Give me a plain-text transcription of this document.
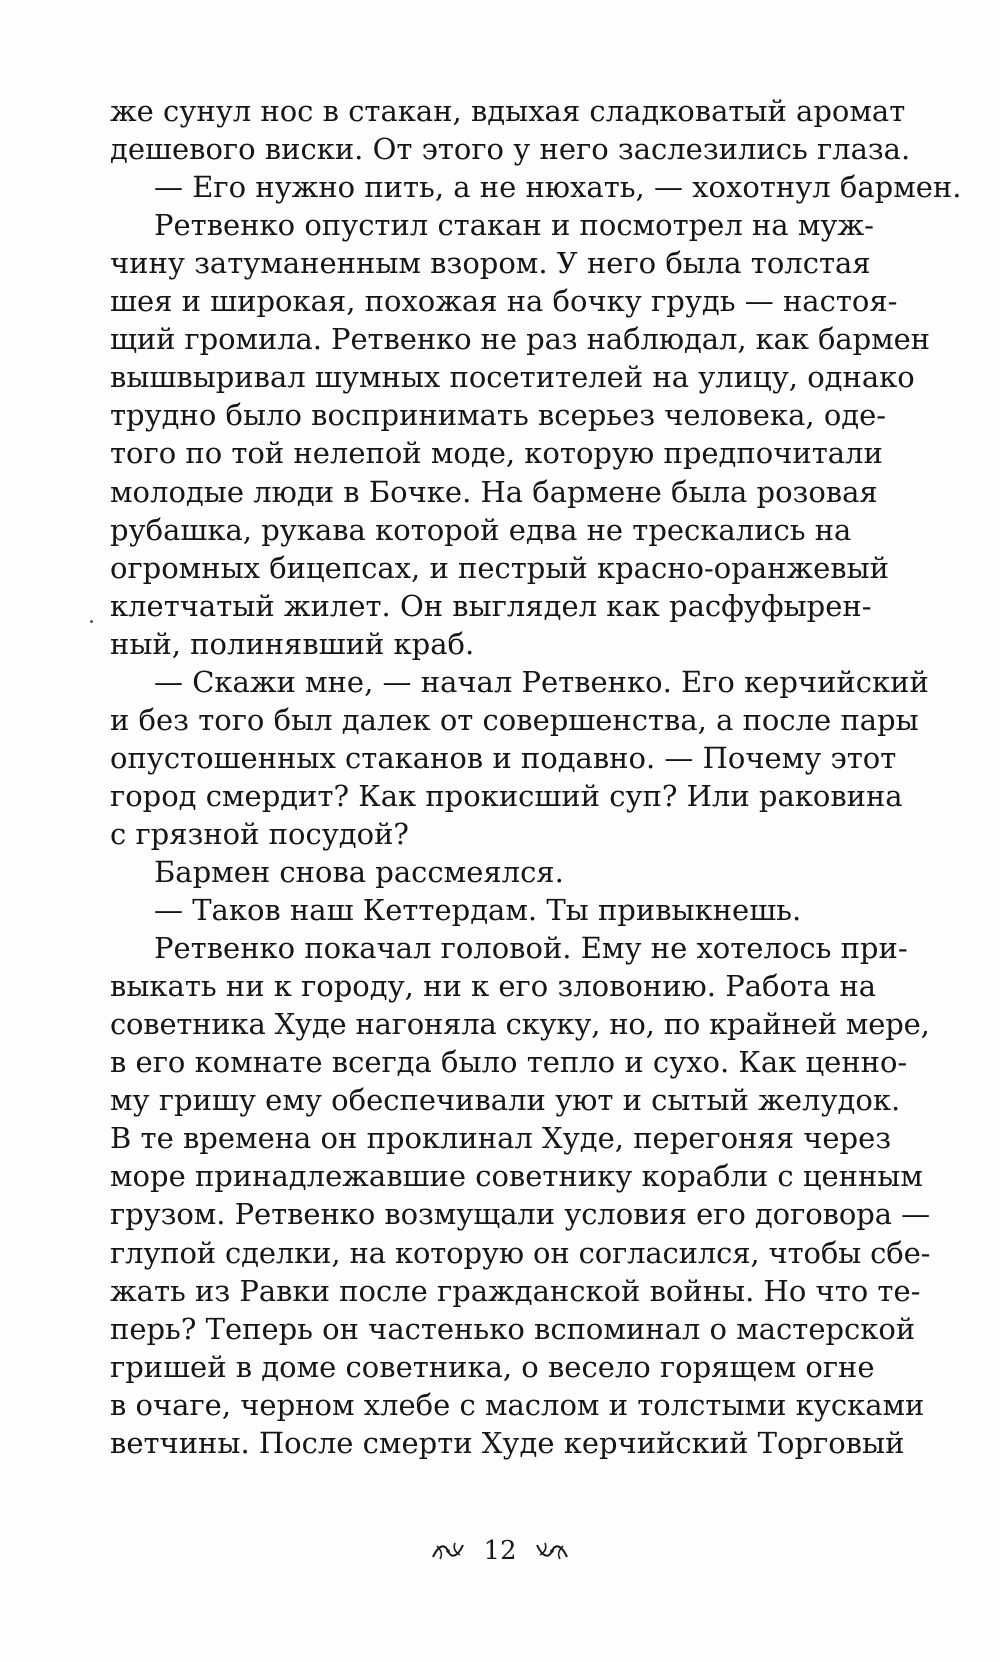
же сунул нос в стакан, вдыхая сладковатый аромат
дешевого виски. От этого у него заслезились глаза.
— Его нужно пить, а не нюхать, — хохотнул бармен.
Ретвенко опустил стакан и посмотрел на муж-
чину затуманенным взором. У него была толстая
шея и широкая, похожая на бочку грудь — настоя-
щий громила. Ретвенко не раз наблюдал, как бармен
вышвыривал шумных посетителей на улицу, однако
трудно было воспринимать всерьез человека, оде-
того по той нелепой моде, которую предпочитали
молодые люди в Бочке. На бармене была розовая
рубашка, рукава которой едва не трескались на
огромных бицепсах, и пестрый красно-оранжевый
клетчатый жилет. Он выглядел как расфуфырен-
ный, полинявший краб.
— Скажи мне, — начал Ретвенко. Его керчийский
и без того был далек от совершенства, а после пары
опустошенных стаканов и подавно. — Почему этот
город смердит? Как прокисший суп? Или раковина
с грязной посудой?
Бармен снова рассмеялся.
— Таков наш Кеттердам. Ты привыкнешь.
Ретвенко покачал головой. Ему не хотелось при-
выкать ни к городу, ни к его зловонию. Работа на
советника Худе нагоняла скуку, но, по крайней мере,
в его комнате всегда было тепло и сухо. Как ценно-
му гришу ему обеспечивали уют и сытый желудок.
В те времена он проклинал Худе, перегоняя через
море принадлежавшие советнику корабли с ценным
грузом. Ретвенко возмущали условия его договора —
глупой сделки, на которую он согласился, чтобы сбе-
жать из Равки после гражданской войны. Но что те-
перь? Теперь он частенько вспоминал о мастерской
гришей в доме советника, о весело горящем огне
в очаге, черном хлебе с маслом и толстыми кусками
ветчины. После смерти Худе керчийский Торговый
12
